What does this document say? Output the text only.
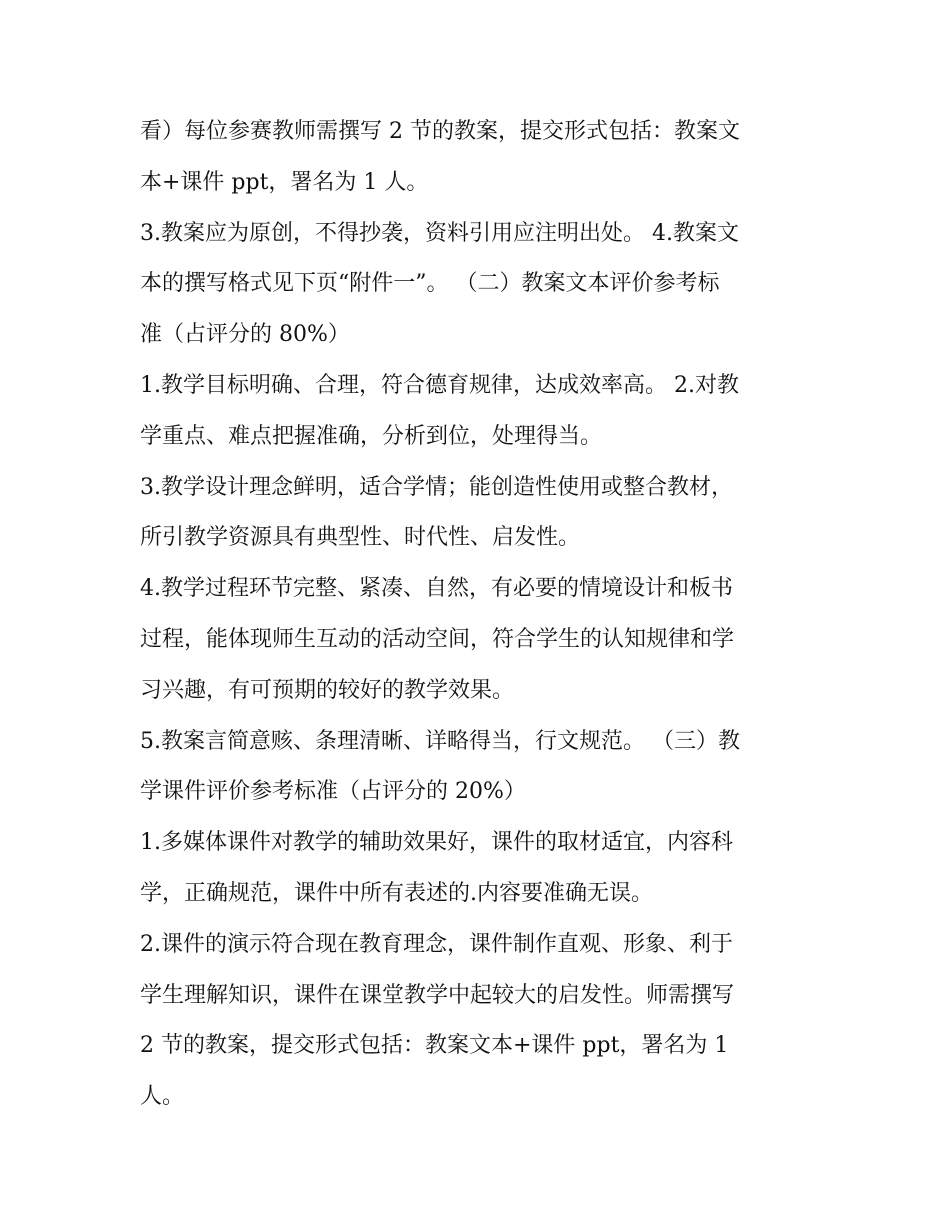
看）每位参赛教师需撰写 2 节的教案，提交形式包括：教案文
本+课件 ppt，署名为 1 人。
3.教案应为原创，不得抄袭，资料引用应注明出处。 4.教案文
本的撰写格式见下页“附件一”。 （二）教案文本评价参考标
准（占评分的 80%）
1.教学目标明确、合理，符合德育规律，达成效率高。 2.对教
学重点、难点把握准确，分析到位，处理得当。
3.教学设计理念鲜明，适合学情；能创造性使用或整合教材，
所引教学资源具有典型性、时代性、启发性。
4.教学过程环节完整、紧凑、自然，有必要的情境设计和板书
过程，能体现师生互动的活动空间，符合学生的认知规律和学
习兴趣，有可预期的较好的教学效果。
5.教案言简意赅、条理清晰、详略得当，行文规范。 （三）教
学课件评价参考标准（占评分的 20%）
1.多媒体课件对教学的辅助效果好，课件的取材适宜，内容科
学，正确规范，课件中所有表述的.内容要准确无误。
2.课件的演示符合现在教育理念，课件制作直观、形象、利于
学生理解知识，课件在课堂教学中起较大的启发性。师需撰写
2 节的教案，提交形式包括：教案文本+课件 ppt，署名为 1
人。
